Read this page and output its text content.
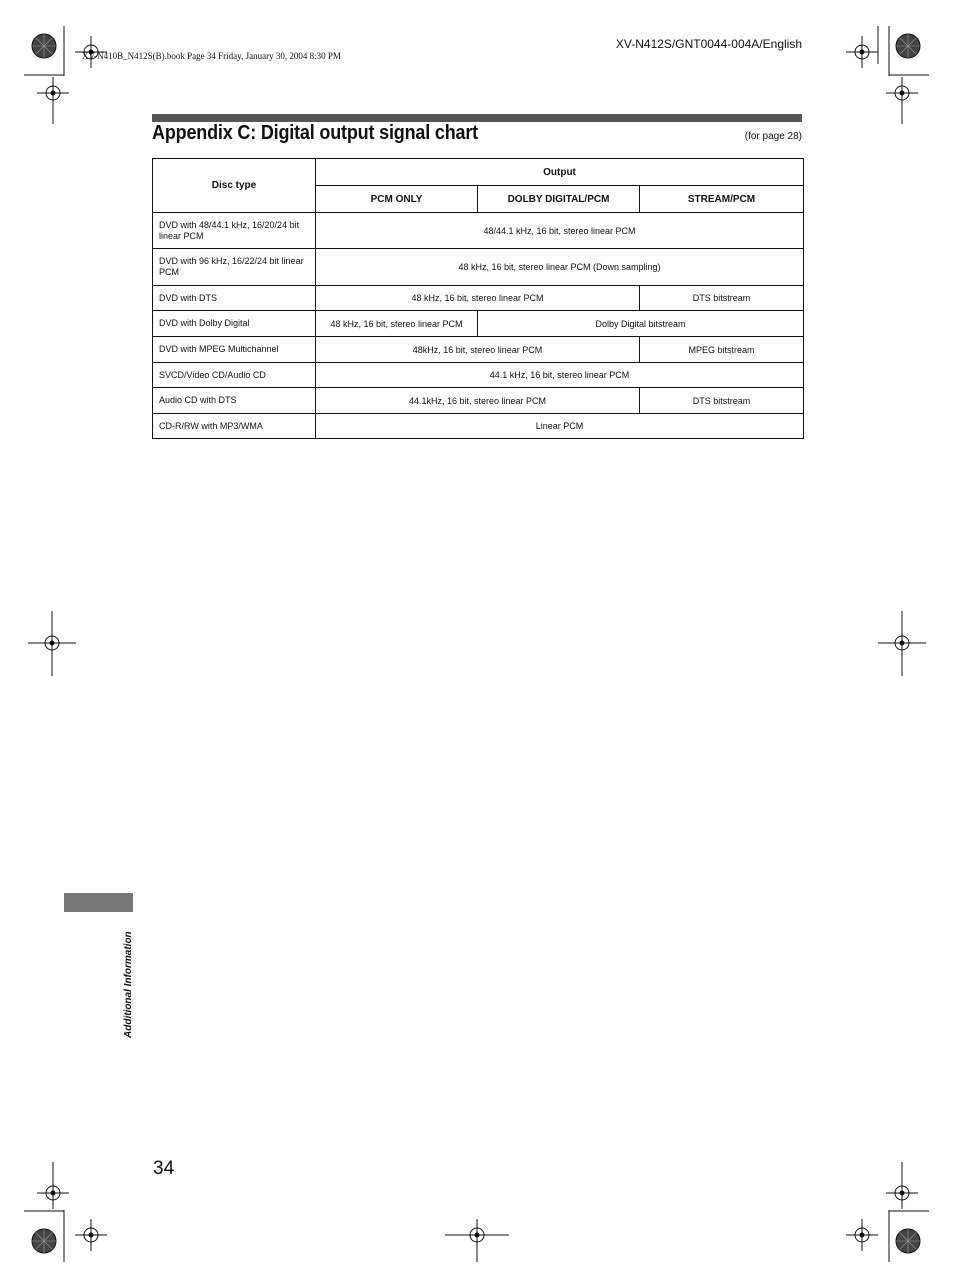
XV-N412S/GNT0044-004A/English
XV-N410B_N412S(B).book Page 34 Friday, January 30, 2004 8:30 PM
Appendix C: Digital output signal chart	(for page 28)
Disc type	Output		
	PCM ONLY	DOLBY DIGITAL/PCM	STREAM/PCM
DVD with 48/44.1 kHz, 16/20/24 bit linear PCM	48/44.1 kHz, 16 bit, stereo linear PCM		
DVD with 96 kHz, 16/22/24 bit linear PCM	48 kHz, 16 bit, stereo linear PCM (Down sampling)		
DVD with DTS	48 kHz, 16 bit, stereo linear PCM		DTS bitstream
DVD with Dolby Digital	48 kHz, 16 bit, stereo linear PCM	Dolby Digital bitstream	
DVD with MPEG Multichannel	48kHz, 16 bit, stereo linear PCM		MPEG bitstream
SVCD/Video CD/Audio CD	44.1 kHz, 16 bit, stereo linear PCM		
Audio CD with DTS	44.1kHz, 16 bit, stereo linear PCM		DTS bitstream
CD-R/RW with MP3/WMA	Linear PCM		
Additional Information
34
